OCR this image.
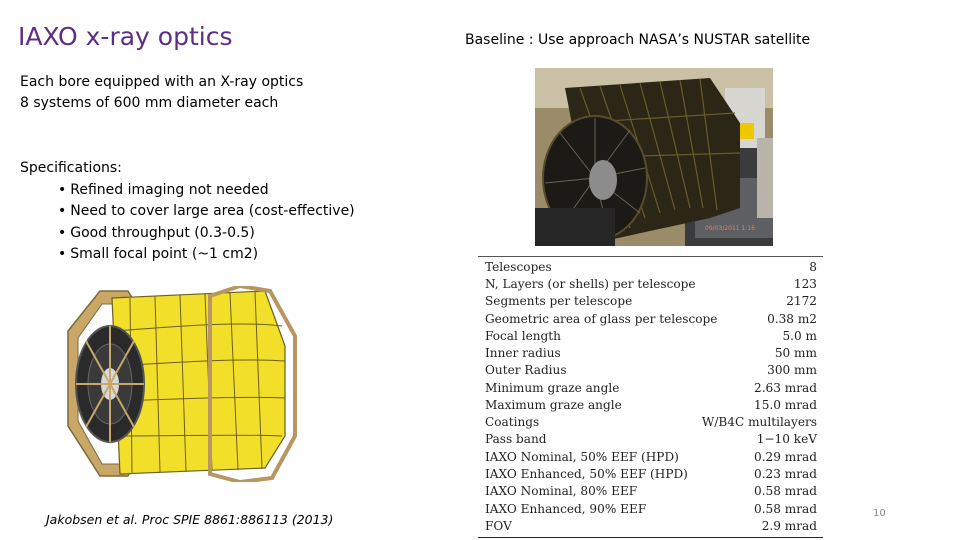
IAXO x-ray optics	Baseline : Use approach NASA’s NUSTAR satellite
Each bore equipped with an X-ray optics
8 systems of 600 mm diameter each
Specifications:
• Refined imaging not needed
• Need to cover large area (cost-effective)
• Good throughput (0.3-0.5)
• Small focal point (~1 cm2)
09/03/2011 1:16
Telescopes	8
N, Layers (or shells) per telescope	123
Segments per telescope	2172
Geometric area of glass per telescope	0.38 m2
Focal length	5.0 m
Inner radius	50 mm
Outer Radius	300 mm
Minimum graze angle	2.63 mrad
Maximum graze angle	15.0 mrad
Coatings	W/B4C multilayers
Pass band	1−10 keV
IAXO Nominal, 50% EEF (HPD)	0.29 mrad
IAXO Enhanced, 50% EEF (HPD)	0.23 mrad
IAXO Nominal, 80% EEF	0.58 mrad
IAXO Enhanced, 90% EEF	0.58 mrad
FOV	2.9 mrad
Jakobsen et al. Proc SPIE 8861:886113 (2013)	10
